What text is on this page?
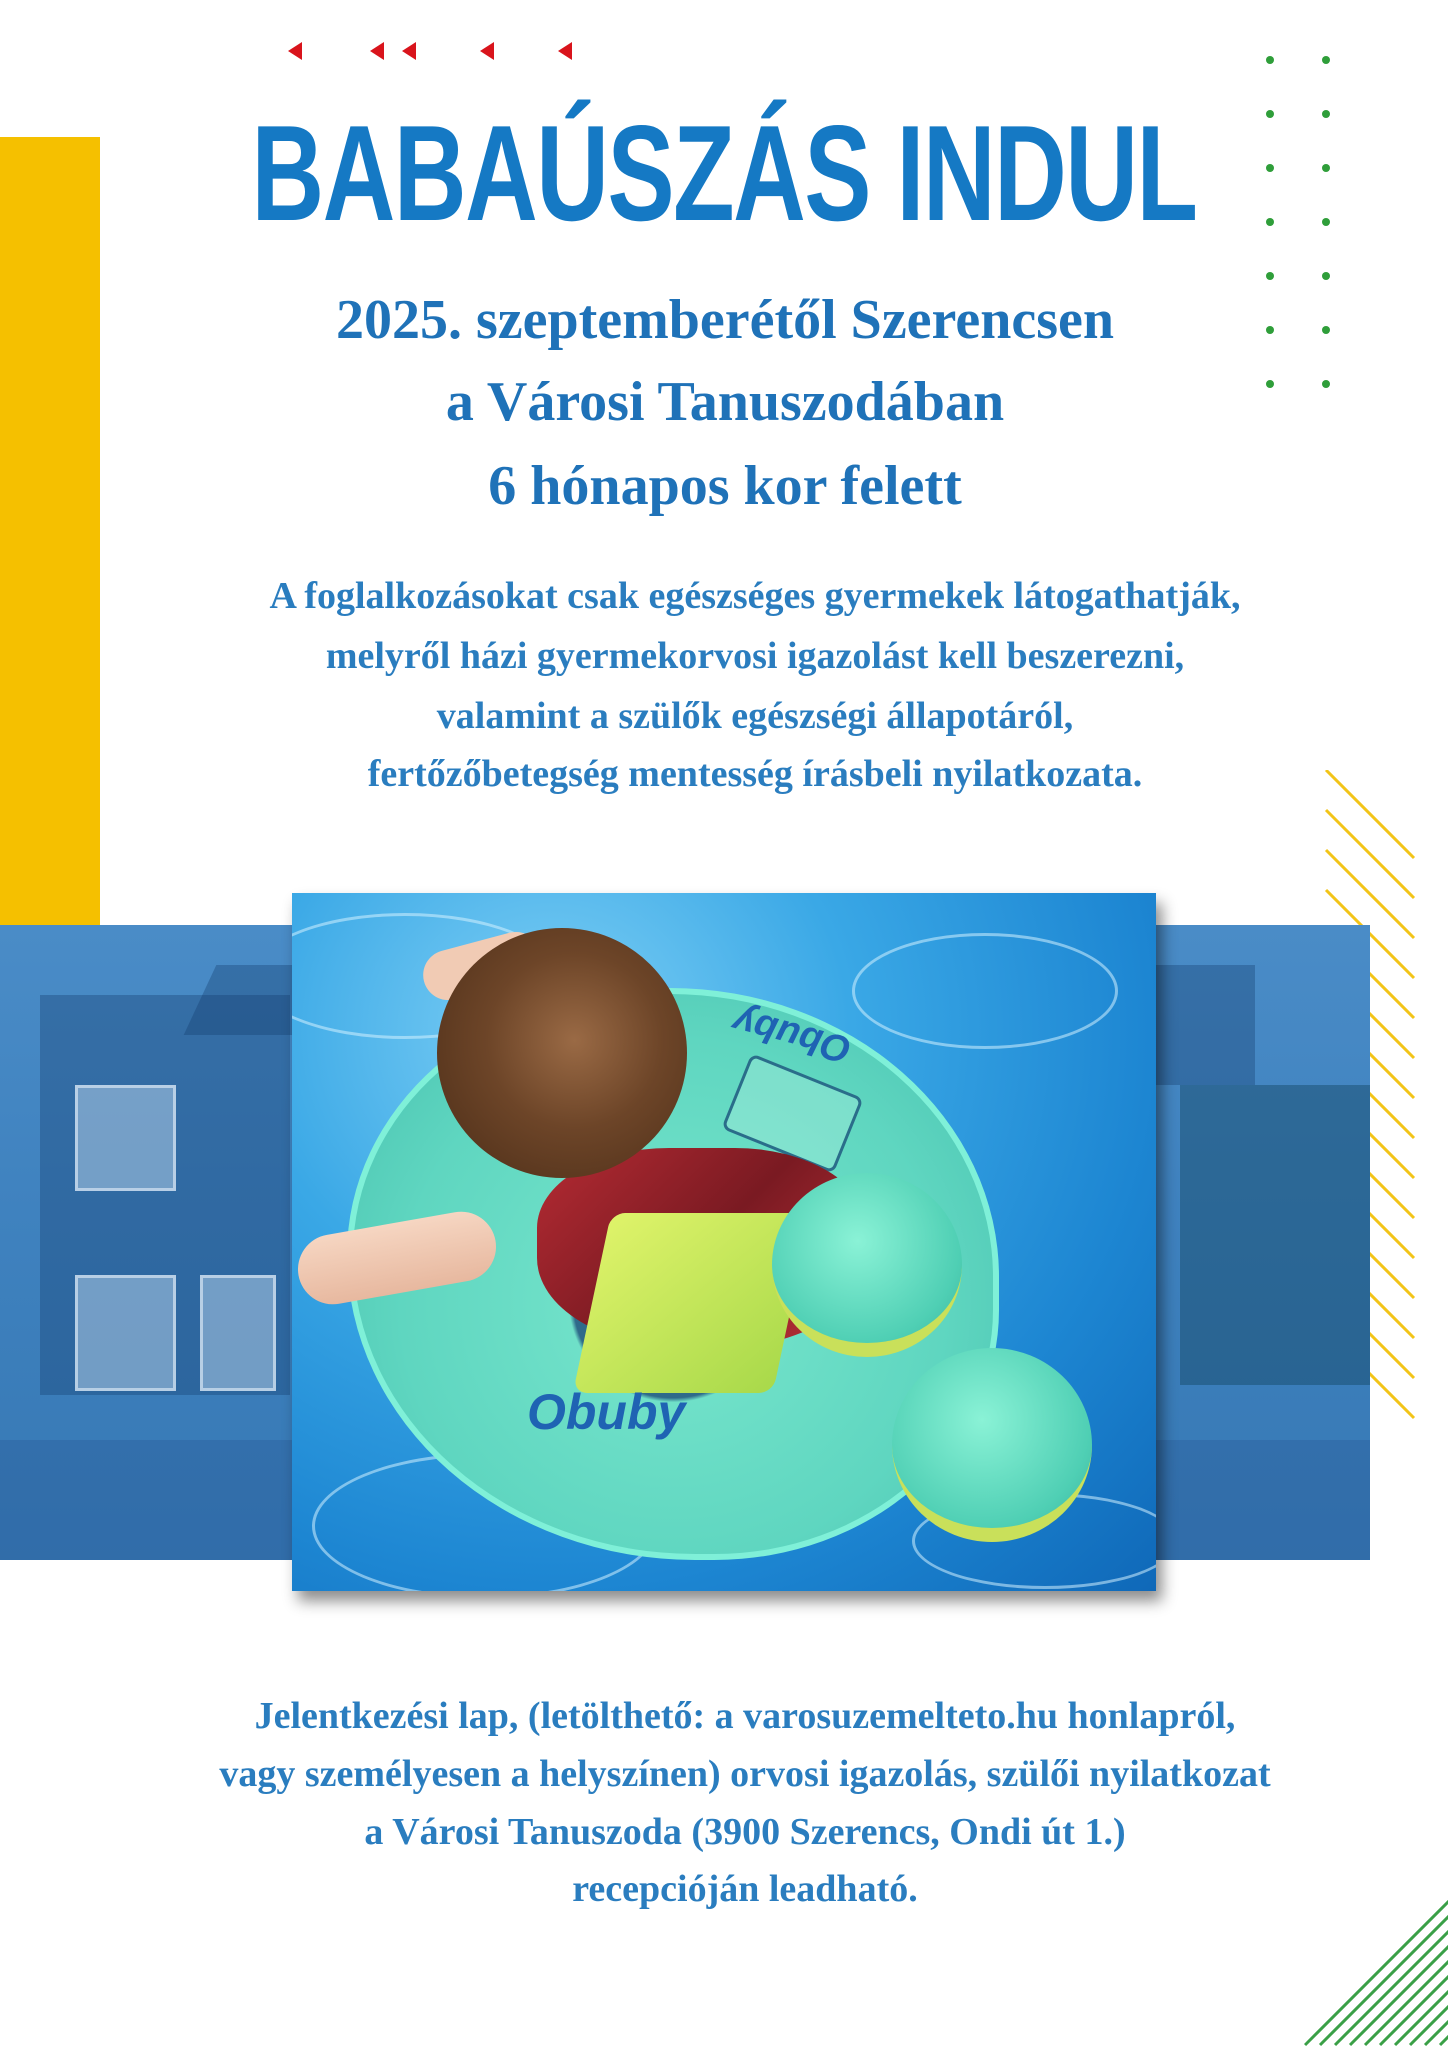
BABAÚSZÁS INDUL
2025. szeptemberétől Szerencsen
a Városi Tanuszodában
6 hónapos kor felett
A foglalkozásokat csak egészséges gyermekek látogathatják,
melyről házi gyermekorvosi igazolást kell beszerezni,
valamint a szülők egészségi állapotáról,
fertőzőbetegség mentesség írásbeli nyilatkozata.
Obuby
Obuby
Jelentkezési lap, (letölthető: a varosuzemelteto.hu honlapról,
vagy személyesen a helyszínen) orvosi igazolás, szülői nyilatkozat
a Városi Tanuszoda (3900 Szerencs, Ondi út 1.)
recepcióján leadható.
